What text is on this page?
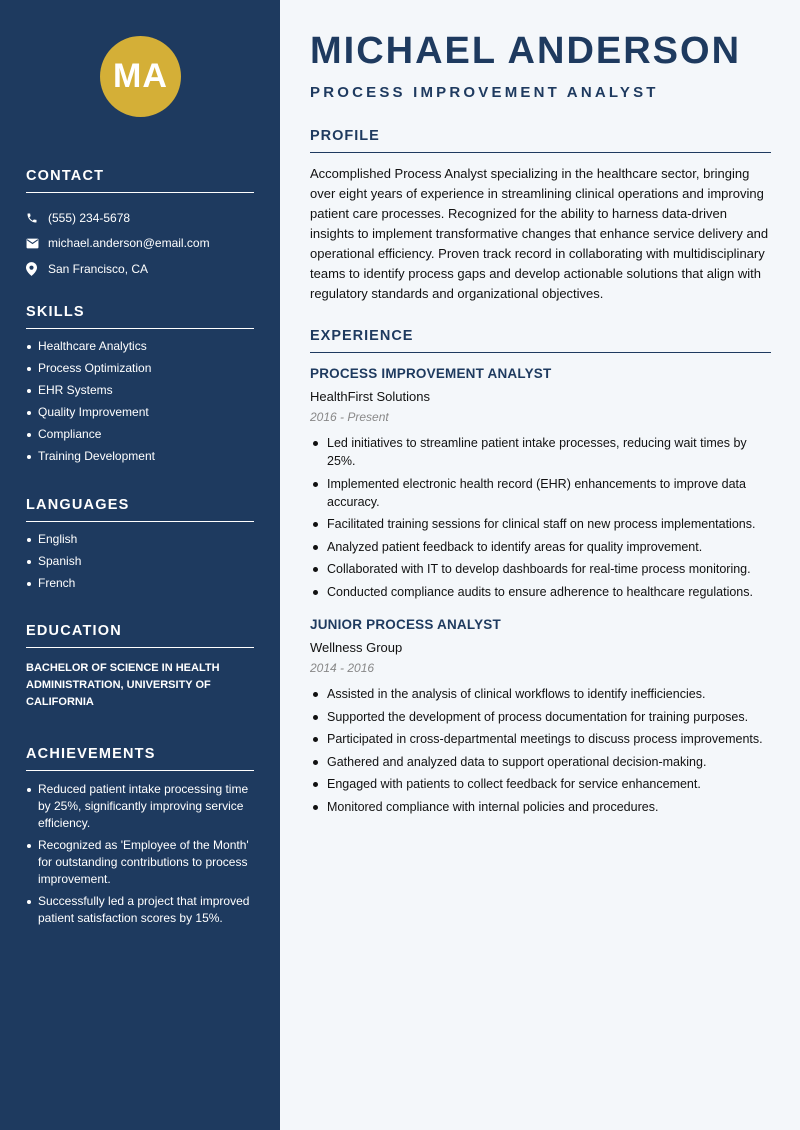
MA
CONTACT
(555) 234-5678
michael.anderson@email.com
San Francisco, CA
SKILLS
Healthcare Analytics
Process Optimization
EHR Systems
Quality Improvement
Compliance
Training Development
LANGUAGES
English
Spanish
French
EDUCATION
BACHELOR OF SCIENCE IN HEALTH ADMINISTRATION, UNIVERSITY OF CALIFORNIA
ACHIEVEMENTS
Reduced patient intake processing time by 25%, significantly improving service efficiency.
Recognized as 'Employee of the Month' for outstanding contributions to process improvement.
Successfully led a project that improved patient satisfaction scores by 15%.
MICHAEL ANDERSON
PROCESS IMPROVEMENT ANALYST
PROFILE

Accomplished Process Analyst specializing in the healthcare sector, bringing over eight years of experience in streamlining clinical operations and improving patient care processes. Recognized for the ability to harness data-driven insights to implement transformative changes that enhance service delivery and operational efficiency. Proven track record in collaborating with multidisciplinary teams to identify process gaps and develop actionable solutions that align with regulatory standards and organizational objectives.

EXPERIENCE
PROCESS IMPROVEMENT ANALYST
HealthFirst Solutions
2016 - Present
Led initiatives to streamline patient intake processes, reducing wait times by 25%.
Implemented electronic health record (EHR) enhancements to improve data accuracy.
Facilitated training sessions for clinical staff on new process implementations.
Analyzed patient feedback to identify areas for quality improvement.
Collaborated with IT to develop dashboards for real-time process monitoring.
Conducted compliance audits to ensure adherence to healthcare regulations.
JUNIOR PROCESS ANALYST
Wellness Group
2014 - 2016
Assisted in the analysis of clinical workflows to identify inefficiencies.
Supported the development of process documentation for training purposes.
Participated in cross-departmental meetings to discuss process improvements.
Gathered and analyzed data to support operational decision-making.
Engaged with patients to collect feedback for service enhancement.
Monitored compliance with internal policies and procedures.
